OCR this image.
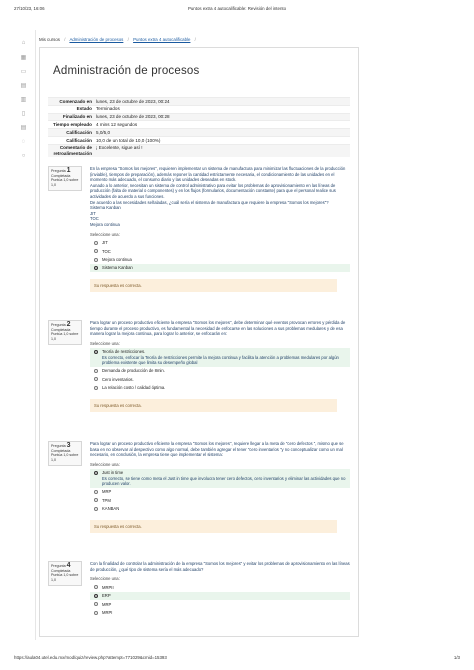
27/10/23, 16:06	Puntos extra 4 autocalificable: Revisión del intento
⌂
▦
▭
▤
▥
▯
▤
◌
○
Mis cursos / Administración de procesos / Puntos extra 4 autocalificable /
Administración de procesos
Comenzado en lunes, 23 de octubre de 2023, 00:24
Estado Terminados
Finalizado en lunes, 23 de octubre de 2023, 00:28
Tiempo empleado 4 mins 12 segundos
Calificación 5,0/5,0
Calificación 10,0 de un total de 10,0 (100%)
Comentario de retroalimentación
¡ Excelente, sigue así !
Pregunta 1
Completada
Puntúa 1,0 sobre 1,0

En la empresa "Somos los mejores", requieren implementar un sistema de manufactura para minimizar las fluctuaciones de la producción (inviable), tiempos de preparación), además reponer la cantidad estrictamente necesaria, el condicionamiento de las unidades en el momento más adecuado, el consumo diario y las unidades deseadas en stock.

Aunado a lo anterior, necesitan un sistema de control administrativo para evitar los problemas de aprovisionamiento en las líneas de producción (falta de material o componentes) y en los flujos (formularios, documentación constante) para que el personal realice sus actividades de acuerdo a sus funciones.

De acuerdo a las necesidades señaladas, ¿cuál sería el sistema de manufactura que requiere la empresa "Somos los mejores"?

Sistema Kanban

JIT

TOC

Mejora continua

Seleccione una:
JIT
TOC
Mejora continua
Sistema Kanban
Su respuesta es correcta.
Pregunta 2
Completada
Puntúa 1,0 sobre 1,0

Para lograr un proceso productivo eficiente la empresa "Somos los mejores", debe determinar qué eventos provocan errores y pérdida de tiempo durante el proceso productivo, es fundamental la necesidad de enfocarse en las soluciones a sus problemas medulares y de esa manera lograr la mejora continua, para lograr lo anterior, se enfocarán en:

Seleccione una:
Teoría de restricciones.
Es correcto, enfocar la Teoría de restricciones permite la mejora continua y facilita la atención a problemas medulares por algún problema existente que limita su desempeño global
Demanda de producción de 8min.
Cero inventarios.
La relación costo / calidad óptima.
Su respuesta es correcta.
Pregunta 3
Completada
Puntúa 1,0 sobre 1,0

Para lograr un proceso productivo eficiente la empresa "Somos los mejores", requiere llegar a la meta de "cero defectos ", mismo que se basa en no observar al despectivo como algo normal, debe también agregar el tener "cero inventarios "y no conceptualizar como un mal necesario, en conclusión, la empresa tiene que implementar el sistema:

Seleccione una:
Just in time
Es correcto, se tiene como meta el Just in time que involucra tener cero defectos, cero inventarios y eliminar las actividades que no producen valor.
MRP
TPM
KANBAN
Su respuesta es correcta.
Pregunta 4
Completada
Puntúa 1,0 sobre 1,0

Con la finalidad de controlar la administración de la empresa "Somos los mejores" y evitar los problemas de aprovisionamiento en las líneas de producción, ¿qué tipo de sistema sería el más adecuado?

Seleccione una:
MRPII
ERP
MRP
MRPI
https://aula04.utel.edu.mx/mod/quiz/review.php?attempt=771029&cmid=15393	1/3
